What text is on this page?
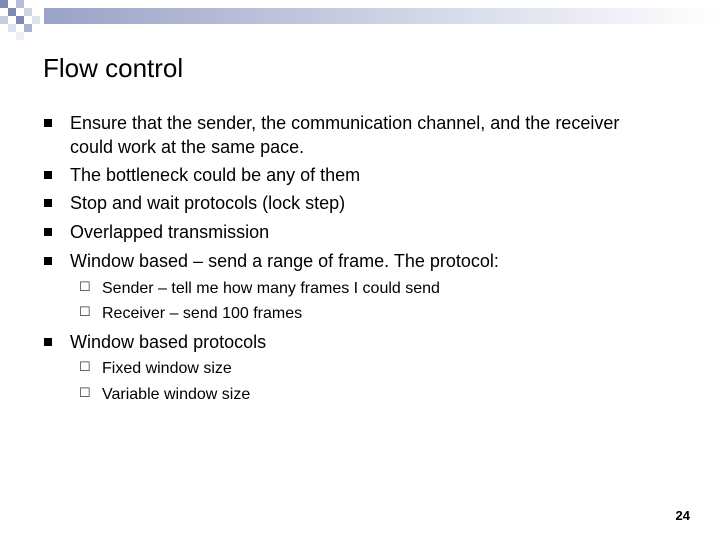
Flow control
Ensure that the sender, the communication channel, and the receiver could work at the same pace.
The bottleneck could be any of them
Stop and wait protocols (lock step)
Overlapped transmission
Window based – send a range of frame. The protocol:
☐ Sender – tell me how many frames I could send
☐ Receiver – send 100 frames
Window based protocols
☐ Fixed window size
☐ Variable window size
24
